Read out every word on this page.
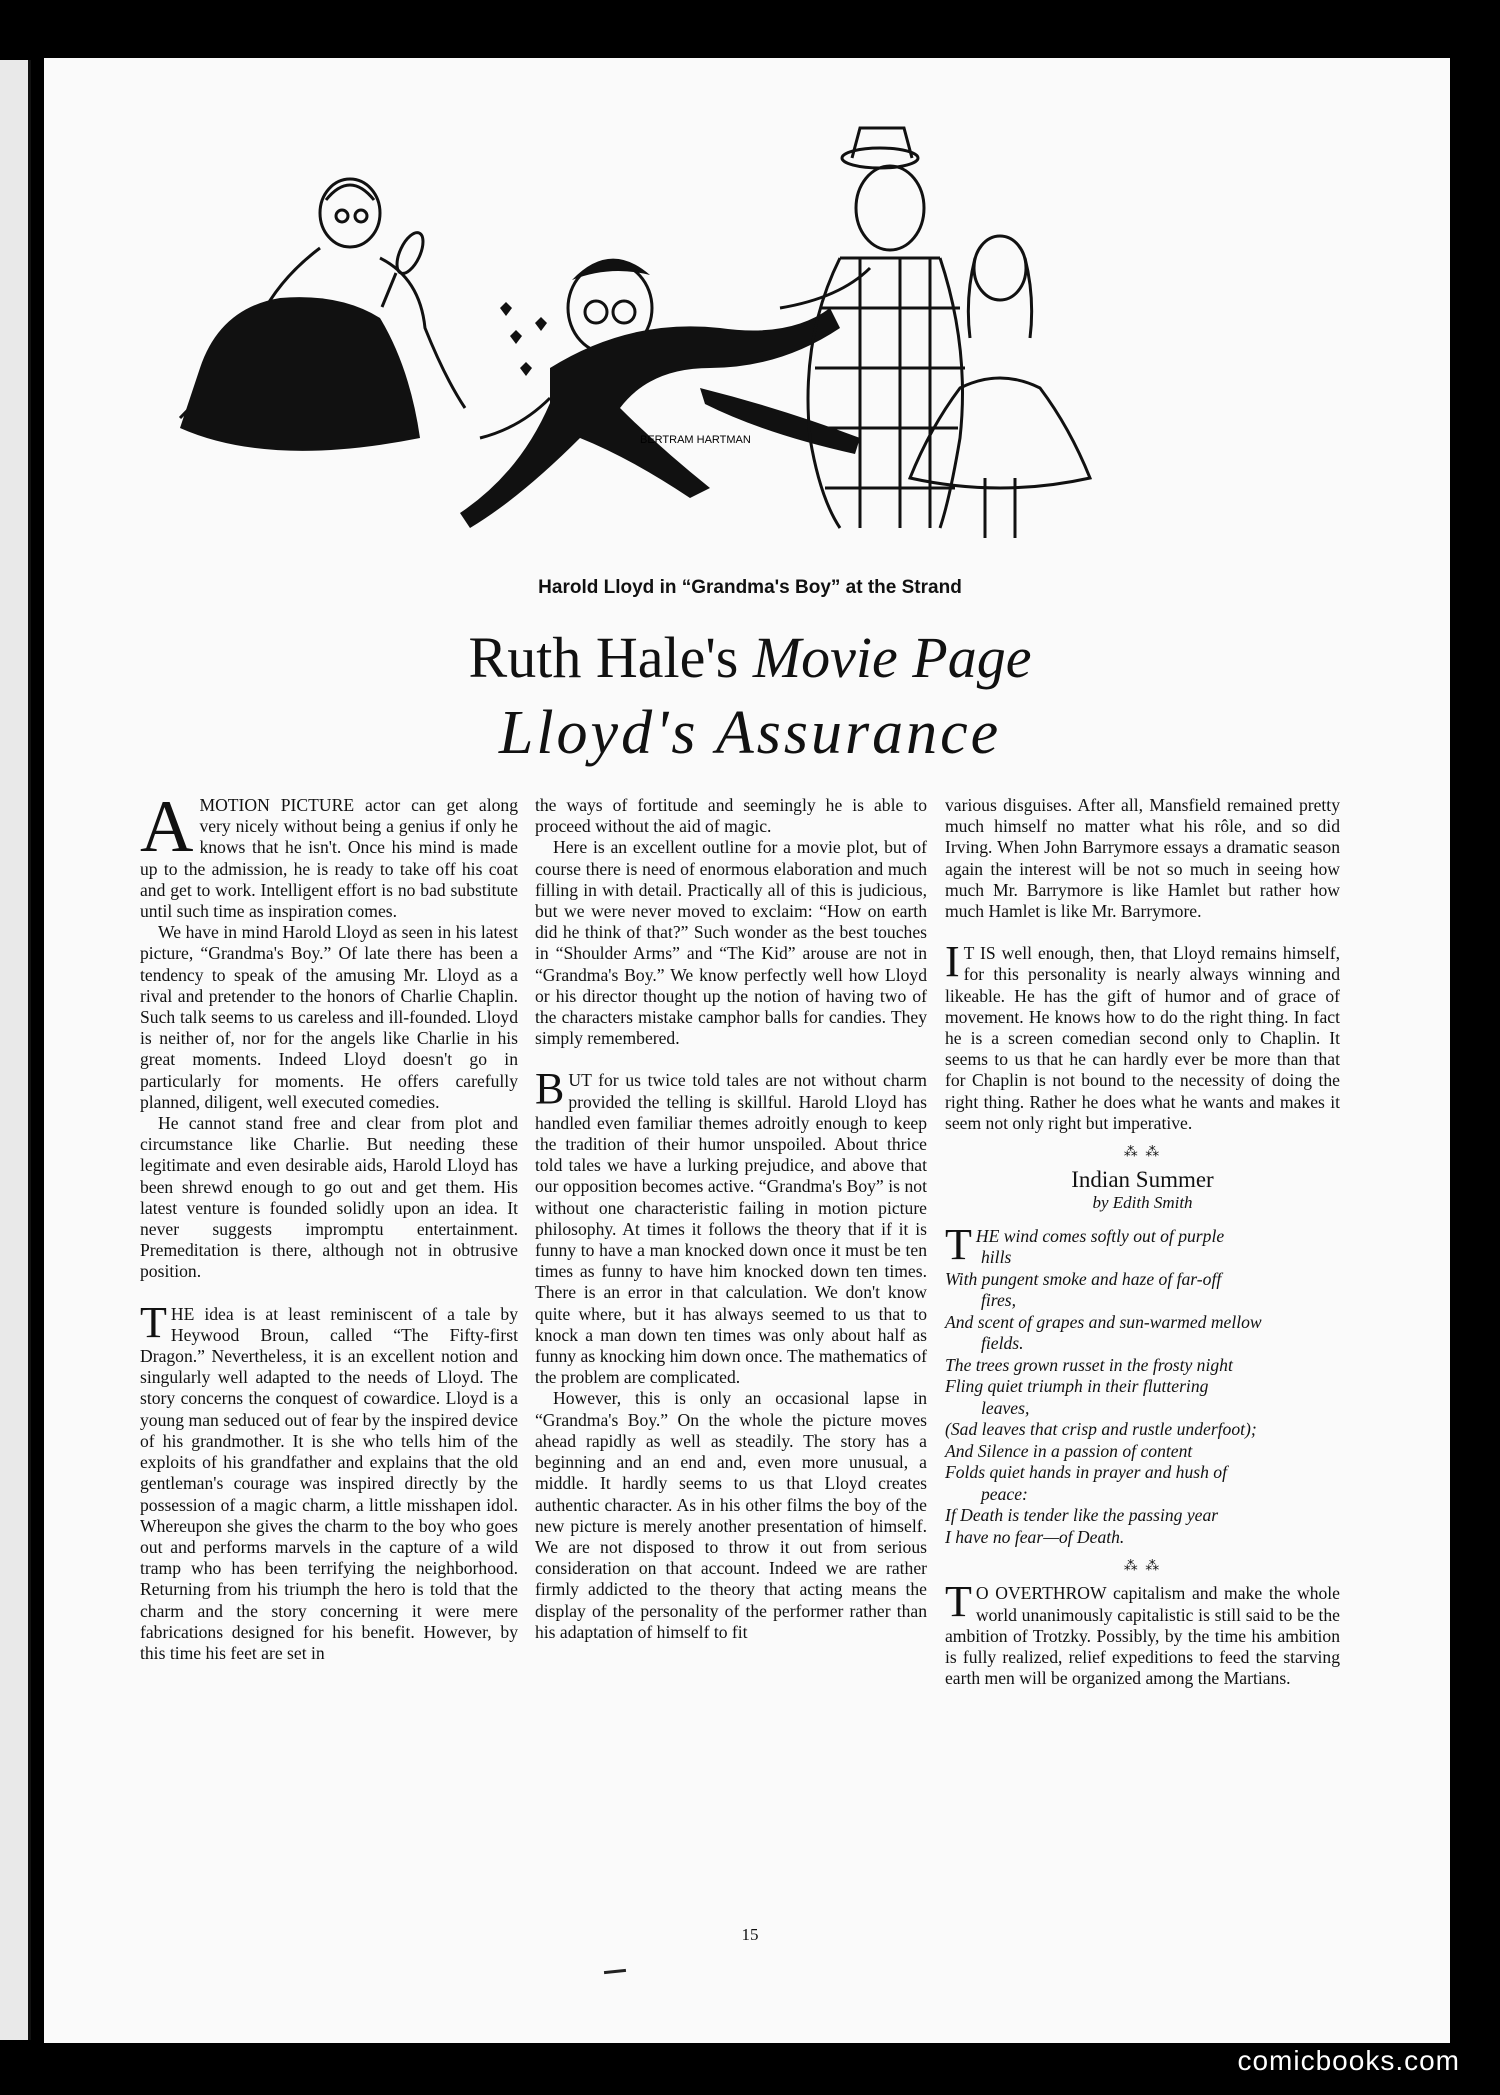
BERTRAM HARTMAN
Harold Lloyd in “Grandma's Boy” at the Strand
Ruth Hale's Movie Page
Lloyd's Assurance

AMOTION PICTURE actor can get along very nicely without being a genius if only he knows that he isn't. Once his mind is made up to the admission, he is ready to take off his coat and get to work. Intelligent effort is no bad substitute until such time as inspiration comes.

We have in mind Harold Lloyd as seen in his latest picture, “Grandma's Boy.” Of late there has been a tendency to speak of the amusing Mr. Lloyd as a rival and pretender to the honors of Charlie Chaplin. Such talk seems to us careless and ill-founded. Lloyd is neither of, nor for the angels like Charlie in his great moments. Indeed Lloyd doesn't go in particularly for moments. He offers carefully planned, diligent, well executed comedies.

He cannot stand free and clear from plot and circumstance like Charlie. But needing these legitimate and even desirable aids, Harold Lloyd has been shrewd enough to go out and get them. His latest venture is founded solidly upon an idea. It never suggests impromptu entertainment. Premeditation is there, although not in obtrusive position.

THE idea is at least reminiscent of a tale by Heywood Broun, called “The Fifty-first Dragon.” Nevertheless, it is an excellent notion and singularly well adapted to the needs of Lloyd. The story concerns the conquest of cowardice. Lloyd is a young man seduced out of fear by the inspired device of his grandmother. It is she who tells him of the exploits of his grandfather and explains that the old gentleman's courage was inspired directly by the possession of a magic charm, a little misshapen idol. Whereupon she gives the charm to the boy who goes out and performs marvels in the capture of a wild tramp who has been terrifying the neighborhood. Returning from his triumph the hero is told that the charm and the story concerning it were mere fabrications designed for his benefit. However, by this time his feet are set in

the ways of fortitude and seemingly he is able to proceed without the aid of magic.

Here is an excellent outline for a movie plot, but of course there is need of enormous elaboration and much filling in with detail. Practically all of this is judicious, but we were never moved to exclaim: “How on earth did he think of that?” Such wonder as the best touches in “Shoulder Arms” and “The Kid” arouse are not in “Grandma's Boy.” We know perfectly well how Lloyd or his director thought up the notion of having two of the characters mistake camphor balls for candies. They simply remembered.

BUT for us twice told tales are not without charm provided the telling is skillful. Harold Lloyd has handled even familiar themes adroitly enough to keep the tradition of their humor unspoiled. About thrice told tales we have a lurking prejudice, and above that our opposition becomes active. “Grandma's Boy” is not without one characteristic failing in motion picture philosophy. At times it follows the theory that if it is funny to have a man knocked down once it must be ten times as funny to have him knocked down ten times. There is an error in that calculation. We don't know quite where, but it has always seemed to us that to knock a man down ten times was only about half as funny as knocking him down once. The mathematics of the problem are complicated.

However, this is only an occasional lapse in “Grandma's Boy.” On the whole the picture moves ahead rapidly as well as steadily. The story has a beginning and an end and, even more unusual, a middle. It hardly seems to us that Lloyd creates authentic character. As in his other films the boy of the new picture is merely another presentation of himself. We are not disposed to throw it out from serious consideration on that account. Indeed we are rather firmly addicted to the theory that acting means the display of the personality of the performer rather than his adaptation of himself to fit

various disguises. After all, Mansfield remained pretty much himself no matter what his rôle, and so did Irving. When John Barrymore essays a dramatic season again the interest will be not so much in seeing how much Mr. Barrymore is like Hamlet but rather how much Hamlet is like Mr. Barrymore.

I T IS well enough, then, that Lloyd remains himself, for this personality is nearly always winning and likeable. He has the gift of humor and of grace of movement. He knows how to do the right thing. In fact he is a screen comedian second only to Chaplin. It seems to us that he can hardly ever be more than that for Chaplin is not bound to the necessity of doing the right thing. Rather he does what he wants and makes it seem not only right but imperative.

⁂ ⁂
Indian Summer
by Edith Smith
T HE wind comes softly out of purple
hills
With pungent smoke and haze of far-off
fires,
And scent of grapes and sun-warmed mellow
fields.
The trees grown russet in the frosty night
Fling quiet triumph in their fluttering
leaves,
(Sad leaves that crisp and rustle underfoot);
And Silence in a passion of content
Folds quiet hands in prayer and hush of
peace:
If Death is tender like the passing year
I have no fear—of Death.
⁂ ⁂

T O OVERTHROW capitalism and make the whole world unanimously capitalistic is still said to be the ambition of Trotzky. Possibly, by the time his ambition is fully realized, relief expeditions to feed the starving earth men will be organized among the Martians.

15
comicbooks.com
